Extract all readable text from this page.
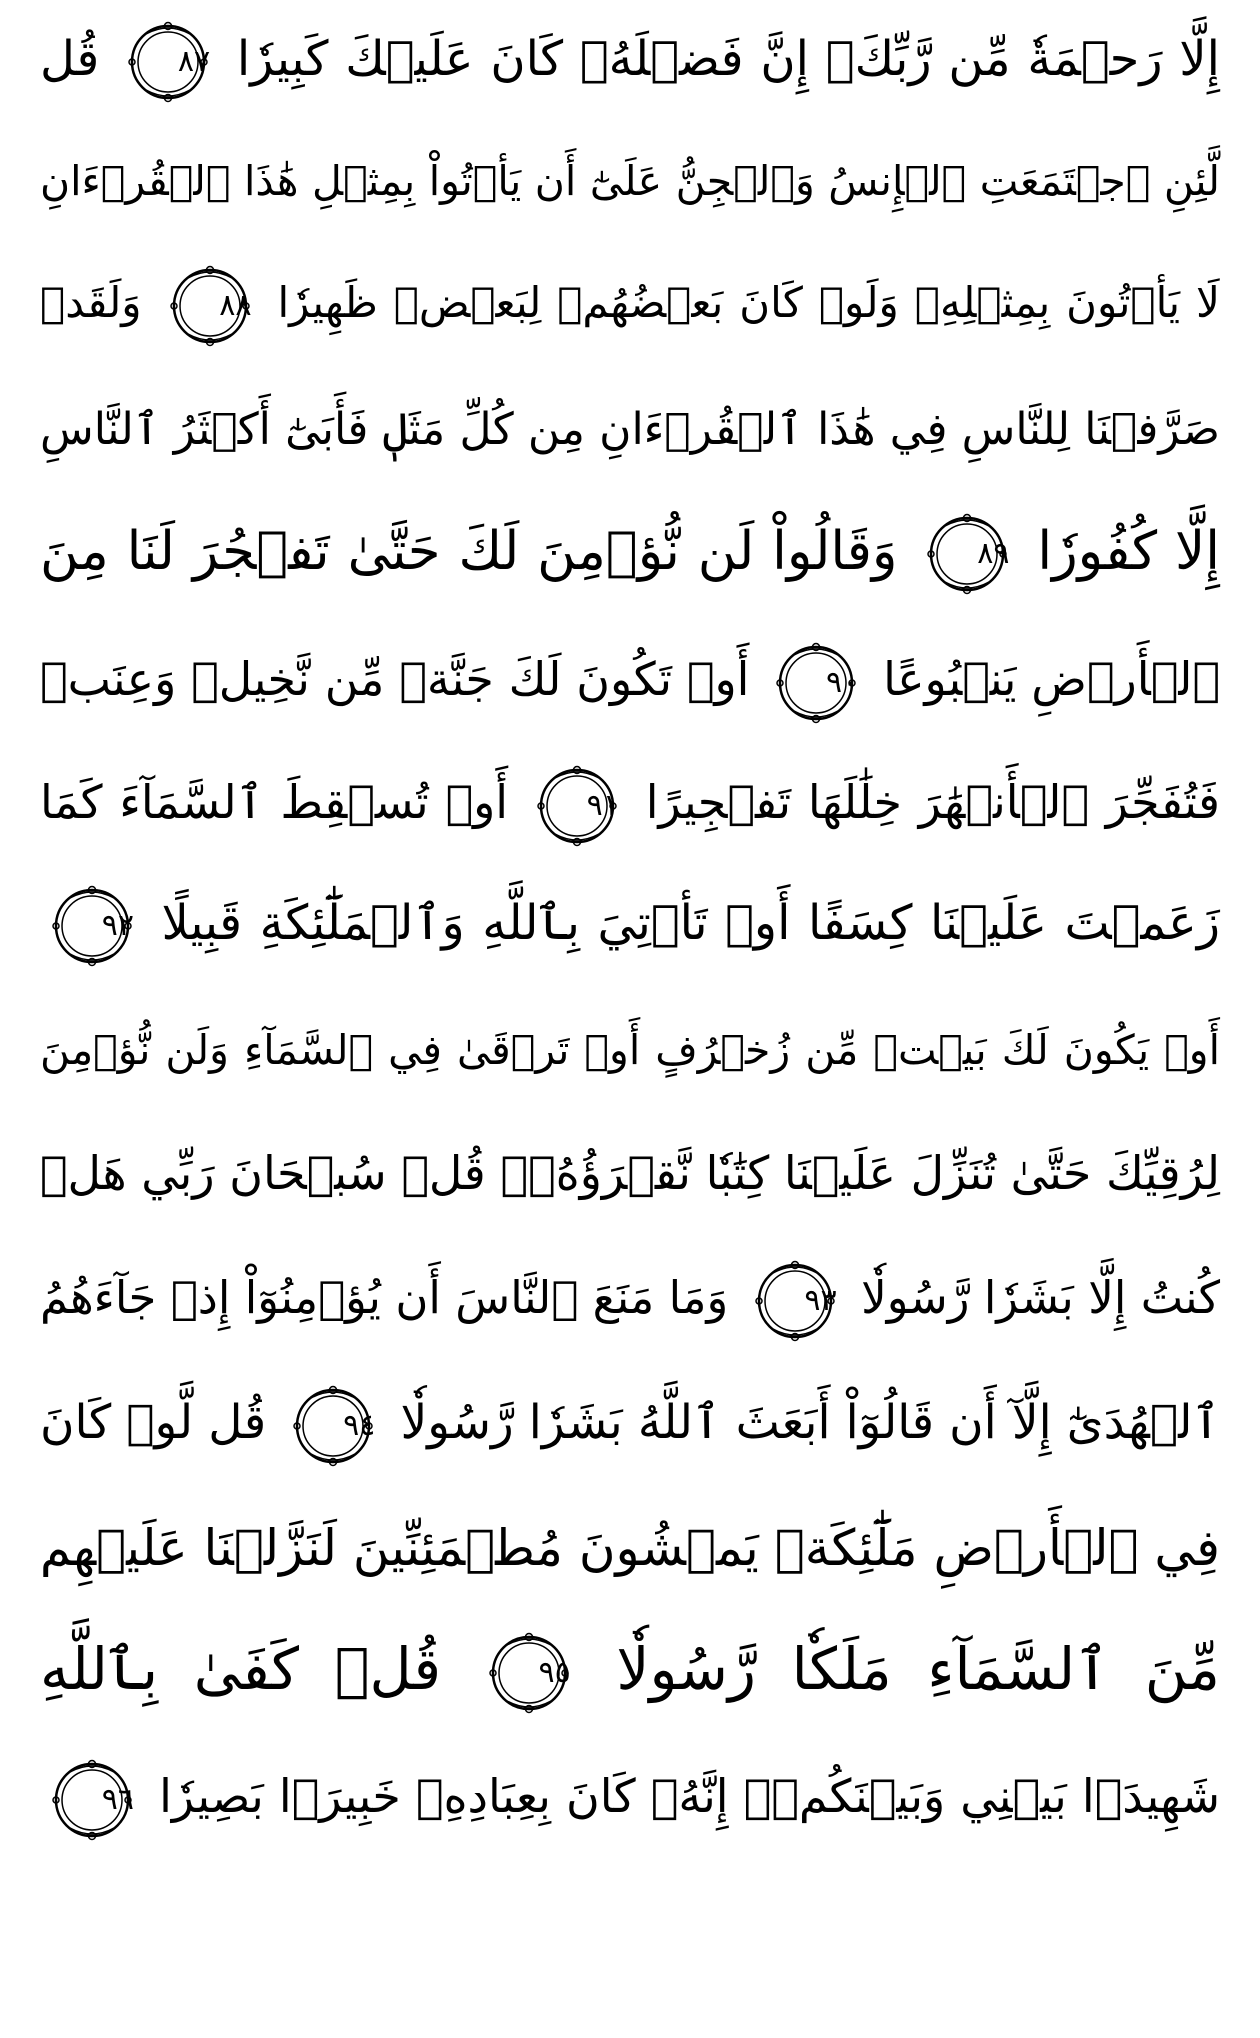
إِلَّا رَحۡمَةٗ مِّن رَّبِّكَۚ إِنَّ فَضۡلَهُۥ كَانَ عَلَيۡكَ كَبِيرٗا
٨٧
قُل
لَّئِنِ ٱجۡتَمَعَتِ ٱلۡإِنسُ وَٱلۡجِنُّ عَلَىٰٓ أَن يَأۡتُواْ بِمِثۡلِ هَٰذَا ٱلۡقُرۡءَانِ
لَا يَأۡتُونَ بِمِثۡلِهِۦ وَلَوۡ كَانَ بَعۡضُهُمۡ لِبَعۡضٖ ظَهِيرٗا
٨٨
وَلَقَدۡ
صَرَّفۡنَا لِلنَّاسِ فِي هَٰذَا ٱلۡقُرۡءَانِ مِن كُلِّ مَثَلٖ فَأَبَىٰٓ أَكۡثَرُ ٱلنَّاسِ
إِلَّا كُفُورٗا
٨٩
وَقَالُواْ لَن نُّؤۡمِنَ لَكَ حَتَّىٰ تَفۡجُرَ لَنَا مِنَ
ٱلۡأَرۡضِ يَنۢبُوعًا
٩٠
أَوۡ تَكُونَ لَكَ جَنَّةٞ مِّن نَّخِيلٖ وَعِنَبٖ
فَتُفَجِّرَ ٱلۡأَنۡهَٰرَ خِلَٰلَهَا تَفۡجِيرًا
٩١
أَوۡ تُسۡقِطَ ٱلسَّمَآءَ كَمَا
زَعَمۡتَ عَلَيۡنَا كِسَفًا أَوۡ تَأۡتِيَ بِٱللَّهِ وَٱلۡمَلَٰٓئِكَةِ قَبِيلًا
٩٢
أَوۡ يَكُونَ لَكَ بَيۡتٞ مِّن زُخۡرُفٍ أَوۡ تَرۡقَىٰ فِي ٱلسَّمَآءِ وَلَن نُّؤۡمِنَ
لِرُقِيِّكَ حَتَّىٰ تُنَزِّلَ عَلَيۡنَا كِتَٰبٗا نَّقۡرَؤُهُۥۗ قُلۡ سُبۡحَانَ رَبِّي هَلۡ
كُنتُ إِلَّا بَشَرٗا رَّسُولٗا
٩٣
وَمَا مَنَعَ ٱلنَّاسَ أَن يُؤۡمِنُوٓاْ إِذۡ جَآءَهُمُ
ٱلۡهُدَىٰٓ إِلَّآ أَن قَالُوٓاْ أَبَعَثَ ٱللَّهُ بَشَرٗا رَّسُولٗا
٩٤
قُل لَّوۡ كَانَ
فِي ٱلۡأَرۡضِ مَلَٰٓئِكَةٞ يَمۡشُونَ مُطۡمَئِنِّينَ لَنَزَّلۡنَا عَلَيۡهِم
مِّنَ ٱلسَّمَآءِ مَلَكٗا رَّسُولٗا
٩٥
قُلۡ كَفَىٰ بِٱللَّهِ
شَهِيدَۢا بَيۡنِي وَبَيۡنَكُمۡۚ إِنَّهُۥ كَانَ بِعِبَادِهِۦ خَبِيرَۢا بَصِيرٗا
٩٦
